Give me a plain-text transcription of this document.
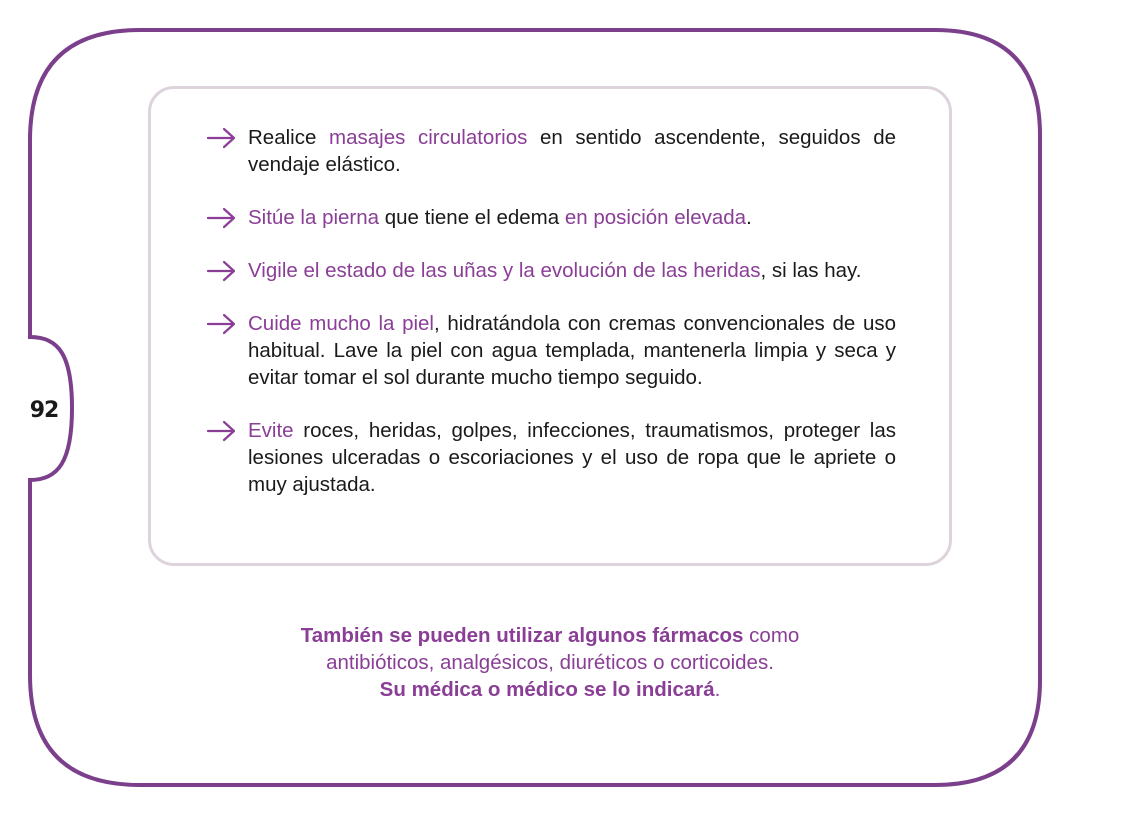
92
Realice masajes circulatorios en sentido ascendente, seguidos de vendaje elástico.
Sitúe la pierna que tiene el edema en posición elevada.
Vigile el estado de las uñas y la evolución de las heridas, si las hay.
Cuide mucho la piel, hidratándola con cremas convencionales de uso habitual. Lave la piel con agua templada, mantenerla limpia y seca y evitar tomar el sol durante mucho tiempo seguido.
Evite roces, heridas, golpes, infecciones, traumatismos, proteger las lesiones ulceradas o escoriaciones y el uso de ropa que le apriete o muy ajustada.
También se pueden utilizar algunos fármacos como
antibióticos, analgésicos, diuréticos o corticoides.
Su médica o médico se lo indicará.
